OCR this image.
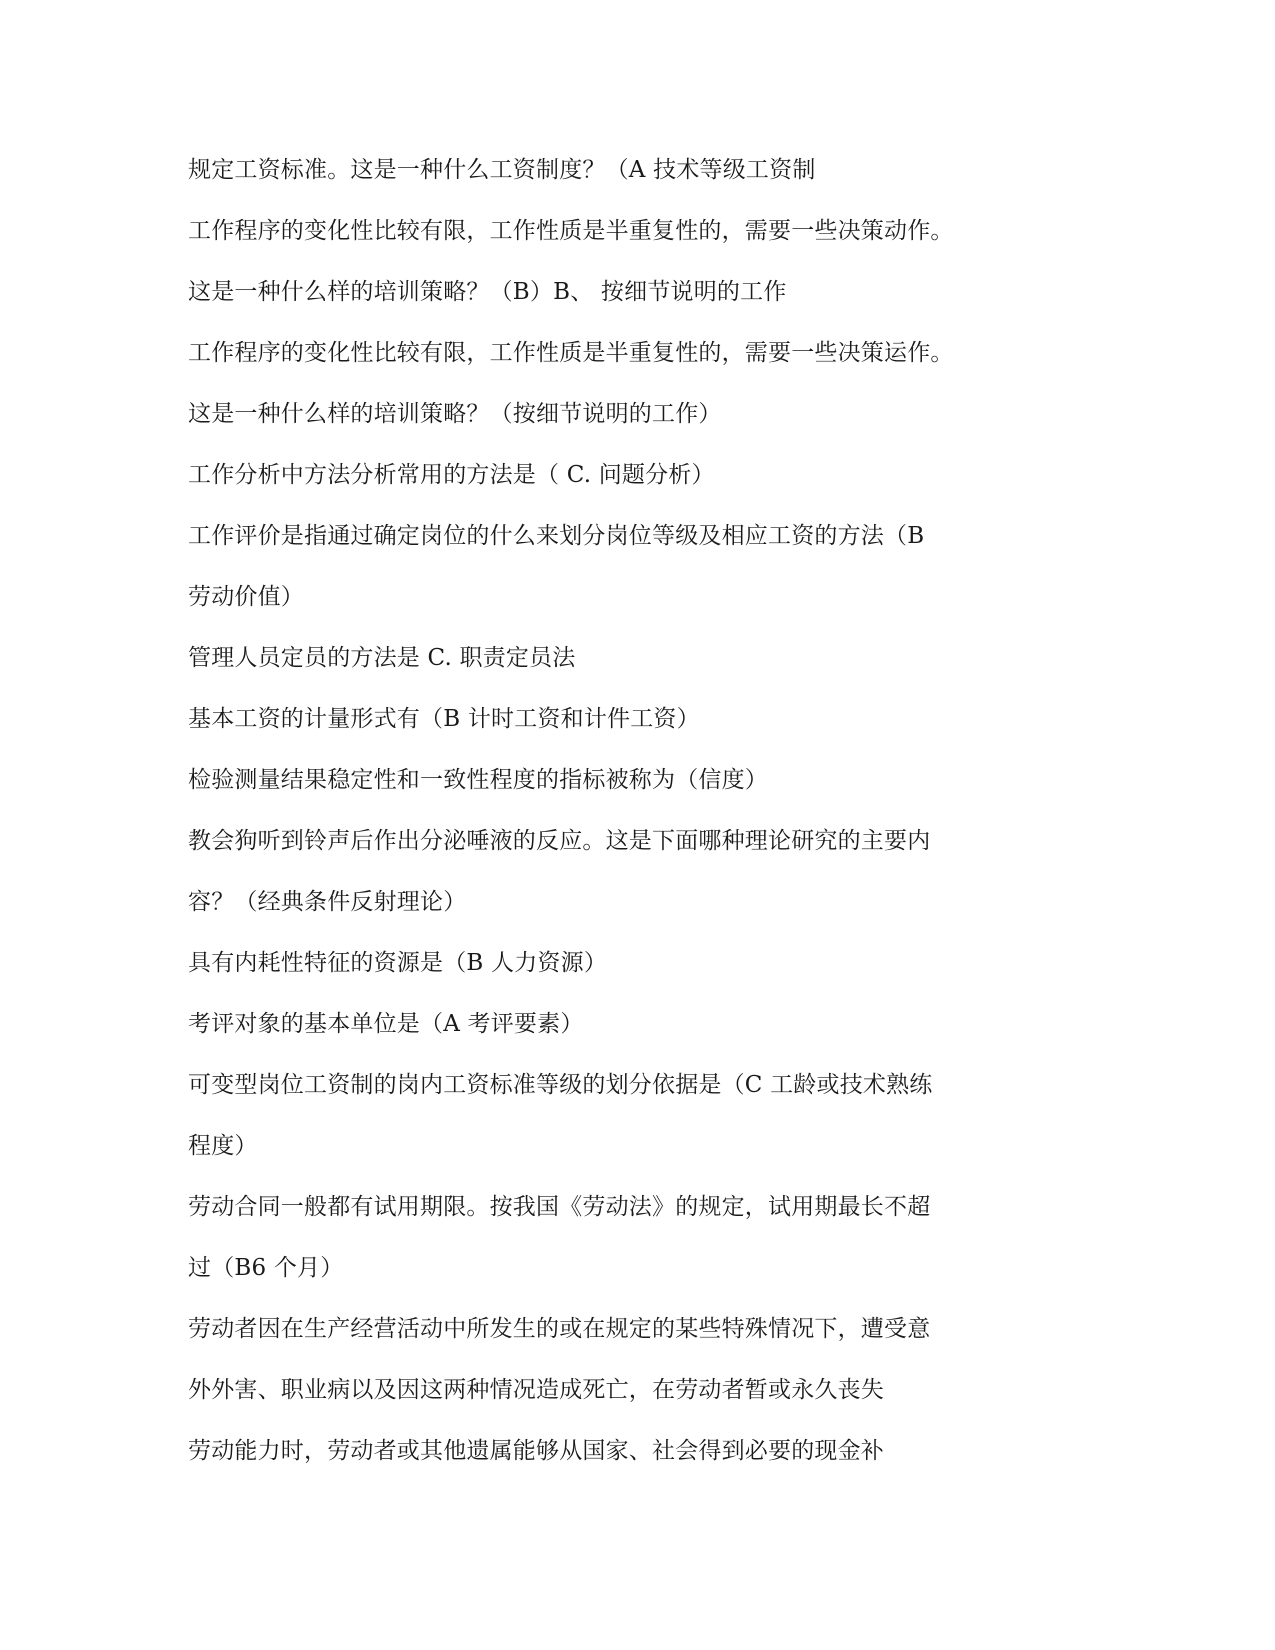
规定工资标准。这是一种什么工资制度？（A 技术等级工资制
工作程序的变化性比较有限，工作性质是半重复性的，需要一些决策动作。
这是一种什么样的培训策略？（B）B、 按细节说明的工作
工作程序的变化性比较有限，工作性质是半重复性的，需要一些决策运作。
这是一种什么样的培训策略？（按细节说明的工作）
工作分析中方法分析常用的方法是（ C. 问题分析）
工作评价是指通过确定岗位的什么来划分岗位等级及相应工资的方法（B
劳动价值）
管理人员定员的方法是 C. 职责定员法
基本工资的计量形式有（B 计时工资和计件工资）
检验测量结果稳定性和一致性程度的指标被称为（信度）
教会狗听到铃声后作出分泌唾液的反应。这是下面哪种理论研究的主要内
容？（经典条件反射理论）
具有内耗性特征的资源是（B 人力资源）
考评对象的基本单位是（A 考评要素）
可变型岗位工资制的岗内工资标准等级的划分依据是（C 工龄或技术熟练
程度）
劳动合同一般都有试用期限。按我国《劳动法》的规定，试用期最长不超
过（B6 个月）
劳动者因在生产经营活动中所发生的或在规定的某些特殊情况下，遭受意
外外害、职业病以及因这两种情况造成死亡，在劳动者暂或永久丧失
劳动能力时，劳动者或其他遗属能够从国家、社会得到必要的现金补
